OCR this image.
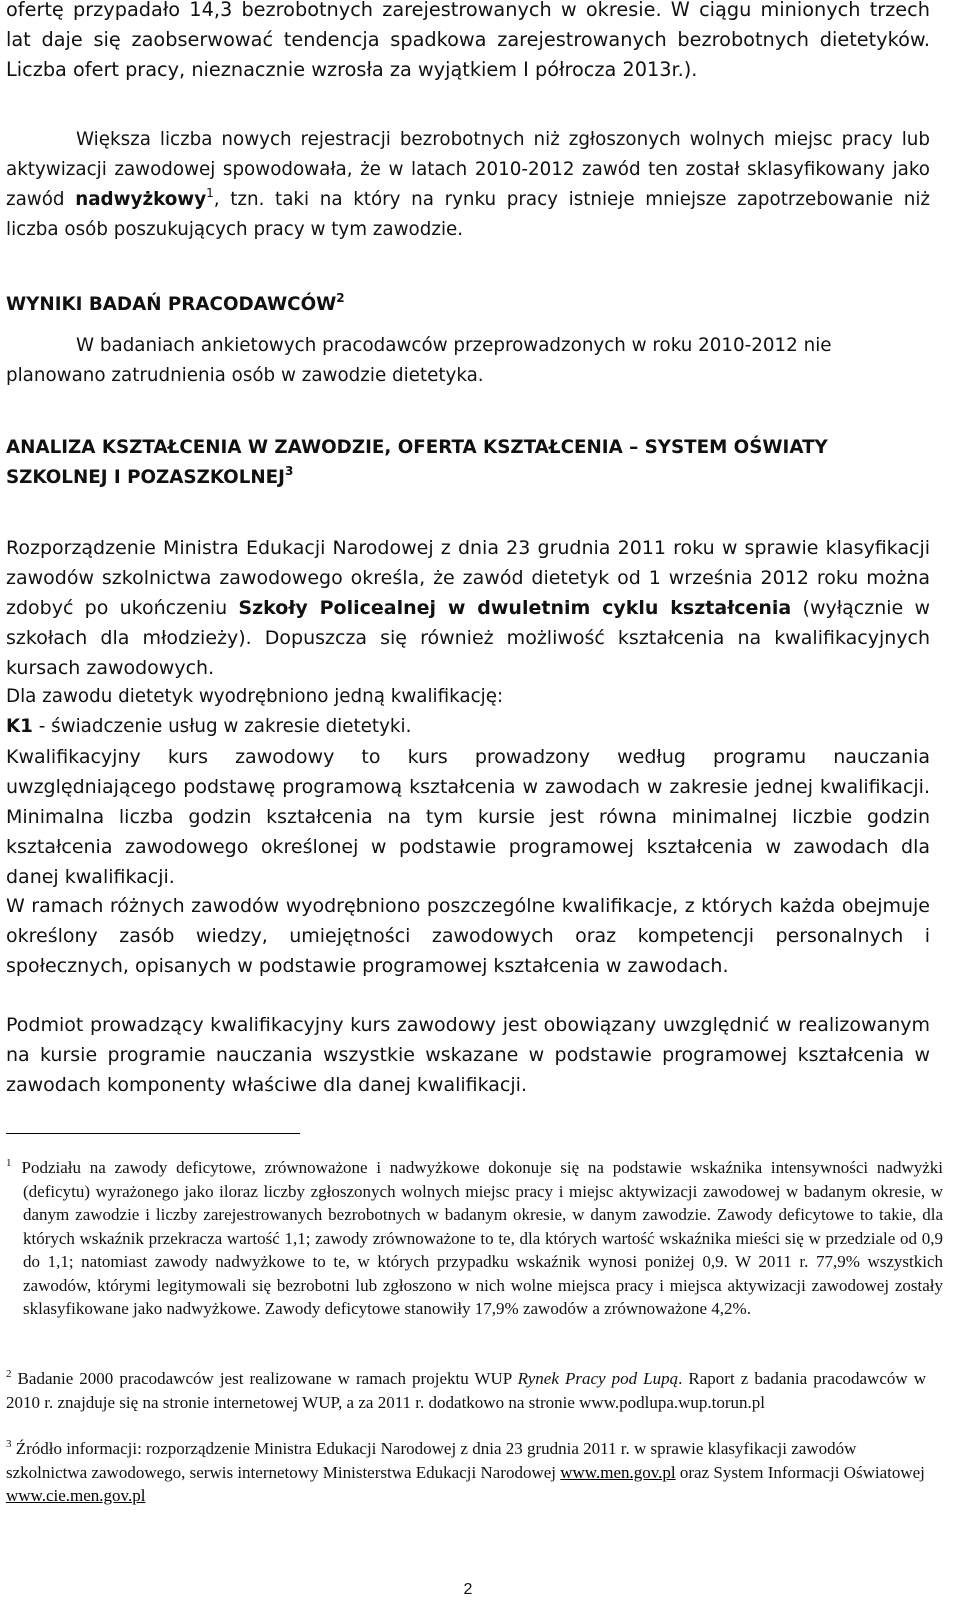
ofertę przypadało 14,3 bezrobotnych zarejestrowanych w okresie. W ciągu minionych trzech lat daje się zaobserwować tendencja spadkowa zarejestrowanych bezrobotnych dietetyków. Liczba ofert pracy, nieznacznie wzrosła za wyjątkiem I półrocza 2013r.).

Większa liczba nowych rejestracji bezrobotnych niż zgłoszonych wolnych miejsc pracy lub aktywizacji zawodowej spowodowała, że w latach 2010-2012 zawód ten został sklasyfikowany jako zawód nadwyżkowy$^1$, tzn. taki na który na rynku pracy istnieje mniejsze zapotrzebowanie niż liczba osób poszukujących pracy w tym zawodzie.

WYNIKI BADAŃ PRACODAWCÓW$^2$

W badaniach ankietowych pracodawców przeprowadzonych w roku 2010-2012 nie planowano zatrudnienia osób w zawodzie dietetyka.

ANALIZA KSZTAŁCENIA W ZAWODZIE, OFERTA KSZTAŁCENIA – SYSTEM OŚWIATY SZKOLNEJ I POZASZKOLNEJ$^3$

Rozporządzenie Ministra Edukacji Narodowej z dnia 23 grudnia 2011 roku w sprawie klasyfikacji zawodów szkolnictwa zawodowego określa, że zawód dietetyk od 1 września 2012 roku można zdobyć po ukończeniu Szkoły Policealnej w dwuletnim cyklu kształcenia (wyłącznie w szkołach dla młodzieży). Dopuszcza się również możliwość kształcenia na kwalifikacyjnych kursach zawodowych.

Dla zawodu dietetyk wyodrębniono jedną kwalifikację:

K1 - świadczenie usług w zakresie dietetyki.

Kwalifikacyjny kurs zawodowy to kurs prowadzony według programu nauczania uwzględniającego podstawę programową kształcenia w zawodach w zakresie jednej kwalifikacji. Minimalna liczba godzin kształcenia na tym kursie jest równa minimalnej liczbie godzin kształcenia zawodowego określonej w podstawie programowej kształcenia w zawodach dla danej kwalifikacji.

W ramach różnych zawodów wyodrębniono poszczególne kwalifikacje, z których każda obejmuje określony zasób wiedzy, umiejętności zawodowych oraz kompetencji personalnych i społecznych, opisanych w podstawie programowej kształcenia w zawodach.

Podmiot prowadzący kwalifikacyjny kurs zawodowy jest obowiązany uwzględnić w realizowanym na kursie programie nauczania wszystkie wskazane w podstawie programowej kształcenia w zawodach komponenty właściwe dla danej kwalifikacji.

$^1$ Podziału na zawody deficytowe, zrównoważone i nadwyżkowe dokonuje się na podstawie wskaźnika intensywności nadwyżki (deficytu) wyrażonego jako iloraz liczby zgłoszonych wolnych miejsc pracy i miejsc aktywizacji zawodowej w badanym okresie, w danym zawodzie i liczby zarejestrowanych bezrobotnych w badanym okresie, w danym zawodzie. Zawody deficytowe to takie, dla których wskaźnik przekracza wartość 1,1; zawody zrównoważone to te, dla których wartość wskaźnika mieści się w przedziale od 0,9 do 1,1; natomiast zawody nadwyżkowe to te, w których przypadku wskaźnik wynosi poniżej 0,9. W 2011 r. 77,9% wszystkich zawodów, którymi legitymowali się bezrobotni lub zgłoszono w nich wolne miejsca pracy i miejsca aktywizacji zawodowej zostały sklasyfikowane jako nadwyżkowe. Zawody deficytowe stanowiły 17,9% zawodów a zrównoważone 4,2%.

$^2$ Badanie 2000 pracodawców jest realizowane w ramach projektu WUP Rynek Pracy pod Lupą. Raport z badania pracodawców w 2010 r. znajduje się na stronie internetowej WUP, a za 2011 r. dodatkowo na stronie www.podlupa.wup.torun.pl

$^3$ Źródło informacji: rozporządzenie Ministra Edukacji Narodowej z dnia 23 grudnia 2011 r. w sprawie klasyfikacji zawodów szkolnictwa zawodowego, serwis internetowy Ministerstwa Edukacji Narodowej www.men.gov.pl oraz System Informacji Oświatowej www.cie.men.gov.pl

2
